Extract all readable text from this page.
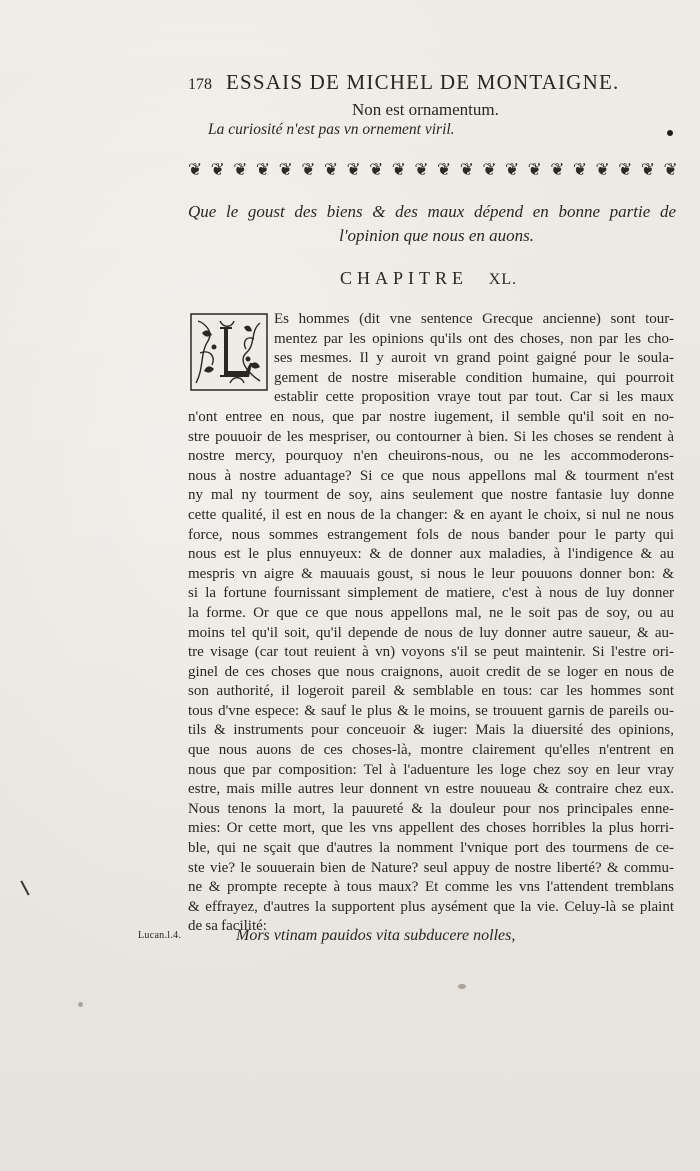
178 ESSAIS DE MICHEL DE MONTAIGNE.
Non est ornamentum.
La curiosité n'est pas vn ornement viril.
❦ ❦ ❦ ❦ ❦ ❦ ❦ ❦ ❦ ❦ ❦ ❦ ❦ ❦ ❦ ❦ ❦ ❦ ❦ ❦ ❦ ❦
Que le goust des biens & des maux dépend en bonne partie de
l'opinion que nous en auons.
CHAPITRE XL.
Es hommes (dit vne sentence Grecque ancienne) sont tour-
mentez par les opinions qu'ils ont des choses, non par les cho-
ses mesmes. Il y auroit vn grand point gaigné pour le soula-
gement de nostre miserable condition humaine, qui pourroit
establir cette proposition vraye tout par tout. Car si les maux
n'ont entree en nous, que par nostre iugement, il semble qu'il soit en no-
stre pouuoir de les mespriser, ou contourner à bien. Si les choses se rendent à
nostre mercy, pourquoy n'en cheuirons-nous, ou ne les accommoderons-
nous à nostre aduantage? Si ce que nous appellons mal & tourment n'est
ny mal ny tourment de soy, ains seulement que nostre fantasie luy donne
cette qualité, il est en nous de la changer: & en ayant le choix, si nul ne nous
force, nous sommes estrangement fols de nous bander pour le party qui
nous est le plus ennuyeux: & de donner aux maladies, à l'indigence & au
mespris vn aigre & mauuais goust, si nous le leur pouuons donner bon: &
si la fortune fournissant simplement de matiere, c'est à nous de luy donner
la forme. Or que ce que nous appellons mal, ne le soit pas de soy, ou au
moins tel qu'il soit, qu'il depende de nous de luy donner autre saueur, & au-
tre visage (car tout reuient à vn) voyons s'il se peut maintenir. Si l'estre ori-
ginel de ces choses que nous craignons, auoit credit de se loger en nous de
son authorité, il logeroit pareil & semblable en tous: car les hommes sont
tous d'vne espece: & sauf le plus & le moins, se trouuent garnis de pareils ou-
tils & instruments pour conceuoir & iuger: Mais la diuersité des opinions,
que nous auons de ces choses-là, montre clairement qu'elles n'entrent en
nous que par composition: Tel à l'aduenture les loge chez soy en leur vray
estre, mais mille autres leur donnent vn estre nouueau & contraire chez eux.
Nous tenons la mort, la pauureté & la douleur pour nos principales enne-
mies: Or cette mort, que les vns appellent des choses horribles la plus horri-
ble, qui ne sçait que d'autres la nomment l'vnique port des tourmens de ce-
ste vie? le souuerain bien de Nature? seul appuy de nostre liberté? & commu-
ne & prompte recepte à tous maux? Et comme les vns l'attendent tremblans
& effrayez, d'autres la supportent plus aysément que la vie. Celuy-là se plaint
de sa facilité:
Lucan.l.4.	Mors vtinam pauidos vita subducere nolles,
